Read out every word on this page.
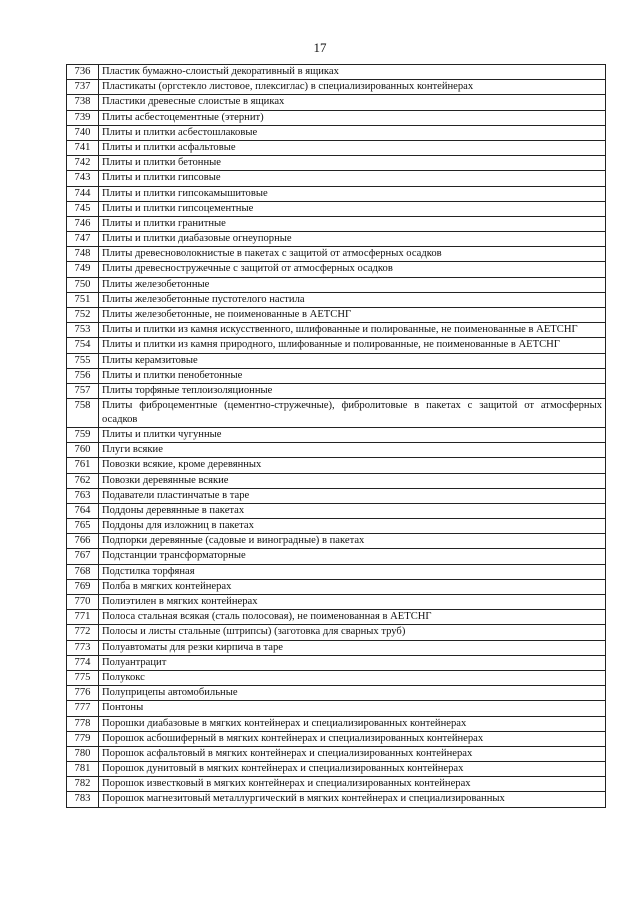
17
736	Пластик бумажно-слоистый декоративный в ящиках
737	Пластикаты (оргстекло листовое, плексиглас) в специализированных контейнерах
738	Пластики древесные слоистые в ящиках
739	Плиты асбестоцементные (этернит)
740	Плиты и плитки асбестошлаковые
741	Плиты и плитки асфальтовые
742	Плиты и плитки бетонные
743	Плиты и плитки гипсовые
744	Плиты и плитки гипсокамышитовые
745	Плиты и плитки гипсоцементные
746	Плиты и плитки гранитные
747	Плиты и плитки диабазовые огнеупорные
748	Плиты древесноволокнистые в пакетах с защитой от атмосферных осадков
749	Плиты древесностружечные с защитой от атмосферных осадков
750	Плиты железобетонные
751	Плиты железобетонные пустотелого настила
752	Плиты железобетонные, не поименованные в АЕТСНГ
753	Плиты и плитки из камня искусственного, шлифованные и полированные, не поименованные в АЕТСНГ
754	Плиты и плитки из камня природного, шлифованные и полированные, не поименованные в АЕТСНГ
755	Плиты керамзитовые
756	Плиты и плитки пенобетонные
757	Плиты торфяные теплоизоляционные
758	Плиты фиброцементные (цементно-стружечные), фибролитовые в пакетах с защитой от атмосферных осадков
759	Плиты и плитки чугунные
760	Плуги всякие
761	Повозки всякие, кроме деревянных
762	Повозки деревянные всякие
763	Подаватели пластинчатые в таре
764	Поддоны деревянные в пакетах
765	Поддоны для изложниц в пакетах
766	Подпорки деревянные (садовые и виноградные) в пакетах
767	Подстанции трансформаторные
768	Подстилка торфяная
769	Полба в мягких контейнерах
770	Полиэтилен в мягких контейнерах
771	Полоса стальная всякая (сталь полосовая), не поименованная в АЕТСНГ
772	Полосы и листы стальные (штрипсы) (заготовка для сварных труб)
773	Полуавтоматы для резки кирпича в таре
774	Полуантрацит
775	Полукокс
776	Полуприцепы автомобильные
777	Понтоны
778	Порошки диабазовые в мягких контейнерах и специализированных контейнерах
779	Порошок асбошиферный в мягких контейнерах и специализированных контейнерах
780	Порошок асфальтовый в мягких контейнерах и специализированных контейнерах
781	Порошок дунитовый в мягких контейнерах и специализированных контейнерах
782	Порошок известковый в мягких контейнерах и специализированных контейнерах
783	Порошок магнезитовый металлургический в мягких контейнерах и специализированных
